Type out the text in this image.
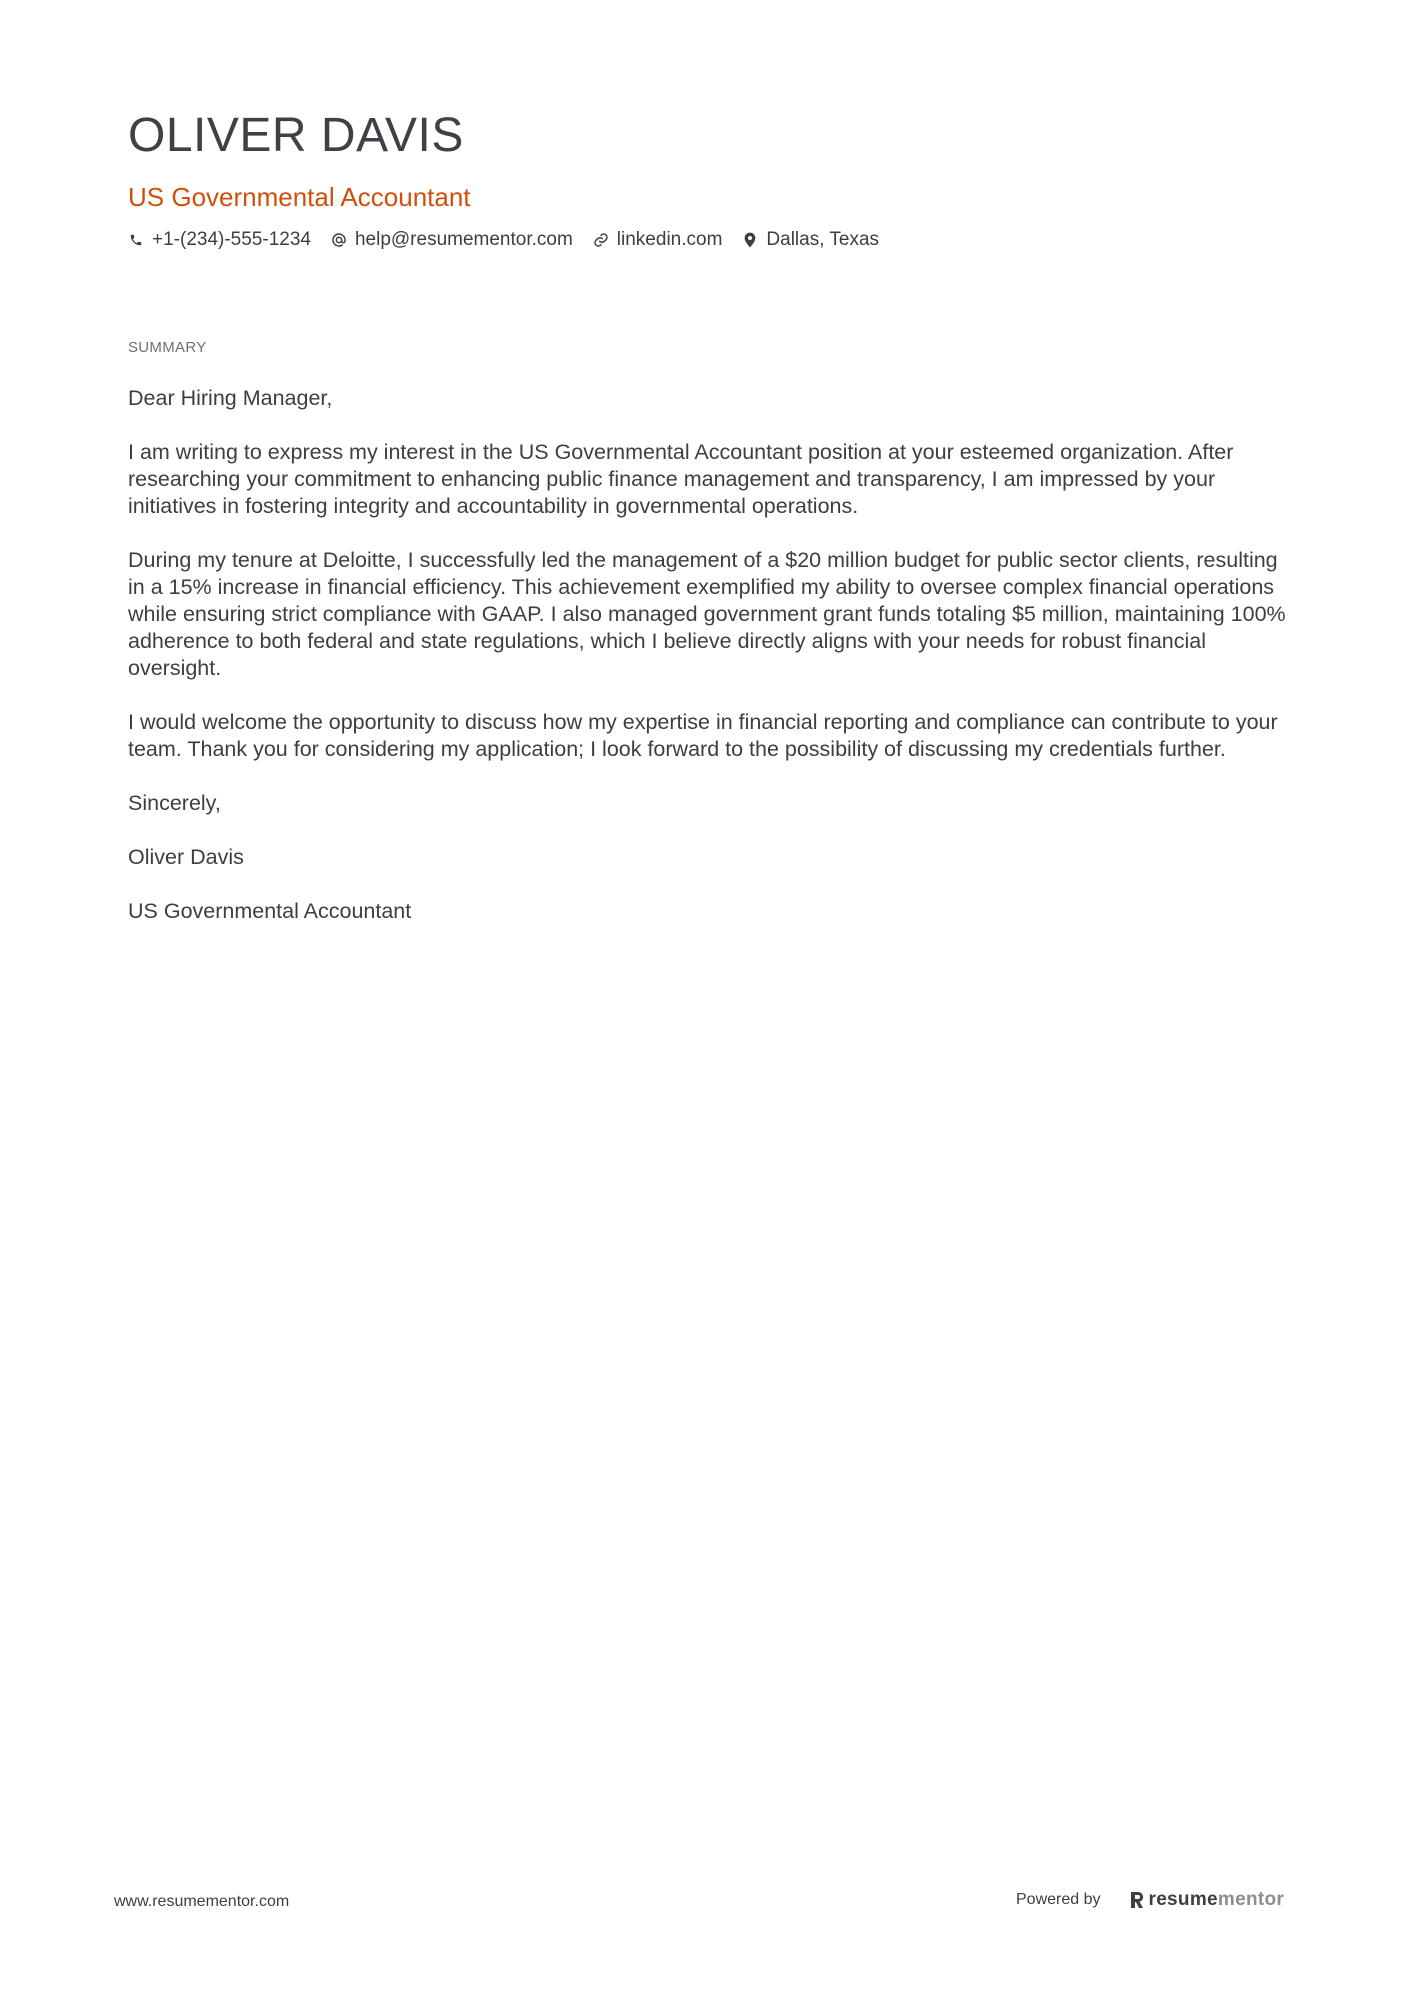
OLIVER DAVIS
US Governmental Accountant
+1-(234)-555-1234 help@resumementor.com linkedin.com Dallas, Texas
SUMMARY

Dear Hiring Manager,

I am writing to express my interest in the US Governmental Accountant position at your esteemed organization. After researching your commitment to enhancing public finance management and transparency, I am impressed by your initiatives in fostering integrity and accountability in governmental operations.

During my tenure at Deloitte, I successfully led the management of a $20 million budget for public sector clients, resulting in a 15% increase in financial efficiency. This achievement exemplified my ability to oversee complex financial operations while ensuring strict compliance with GAAP. I also managed government grant funds totaling $5 million, maintaining 100% adherence to both federal and state regulations, which I believe directly aligns with your needs for robust financial oversight.

I would welcome the opportunity to discuss how my expertise in financial reporting and compliance can contribute to your team. Thank you for considering my application; I look forward to the possibility of discussing my credentials further.

Sincerely,

Oliver Davis

US Governmental Accountant

www.resumementor.com	Powered by	resumementor
